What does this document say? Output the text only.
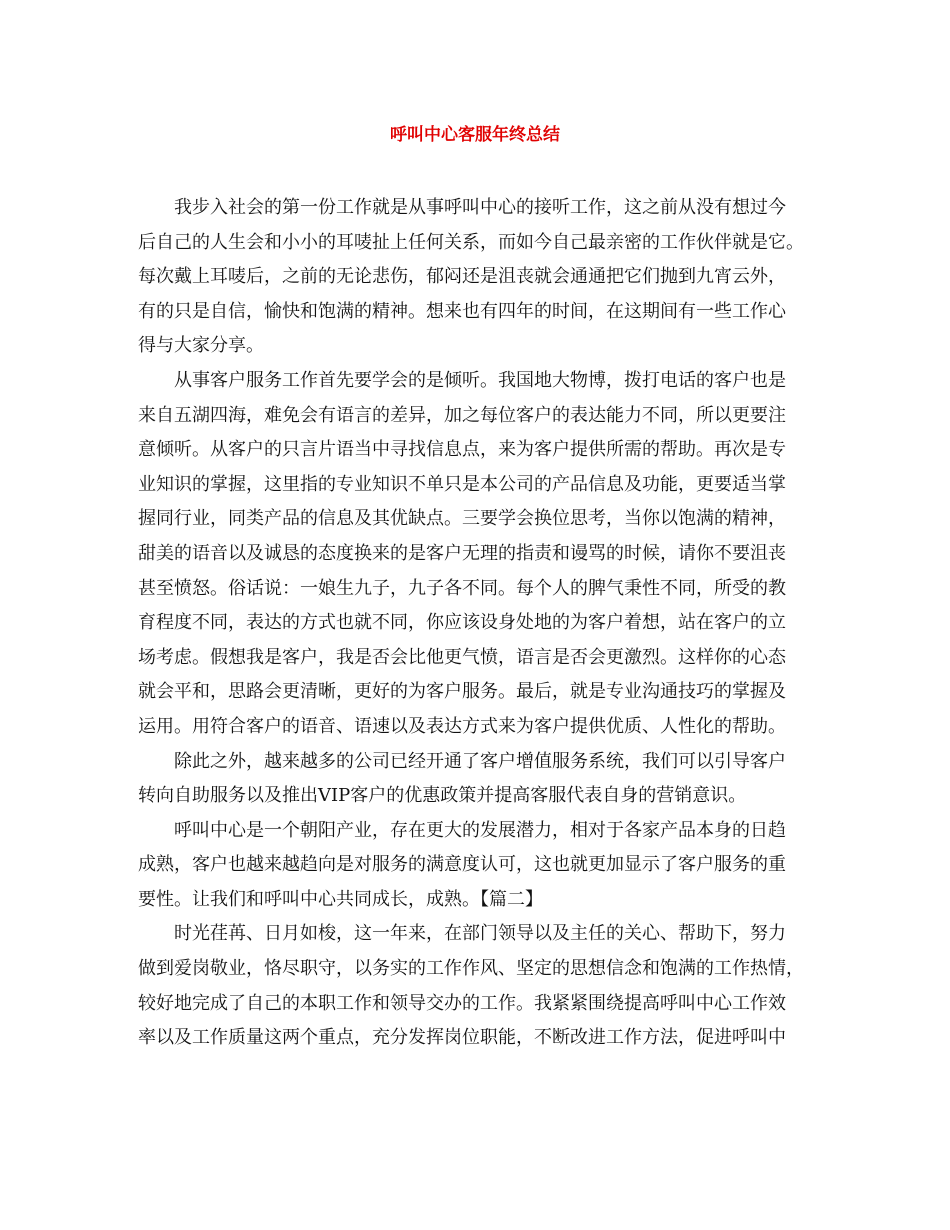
呼叫中心客服年终总结
我步入社会的第一份工作就是从事呼叫中心的接听工作，这之前从没有想过今
后自己的人生会和小小的耳唛扯上任何关系，而如今自己最亲密的工作伙伴就是它。
每次戴上耳唛后，之前的无论悲伤，郁闷还是沮丧就会通通把它们抛到九宵云外，
有的只是自信，愉快和饱满的精神。想来也有四年的时间，在这期间有一些工作心
得与大家分享。
从事客户服务工作首先要学会的是倾听。我国地大物博，拨打电话的客户也是
来自五湖四海，难免会有语言的差异，加之每位客户的表达能力不同，所以更要注
意倾听。从客户的只言片语当中寻找信息点，来为客户提供所需的帮助。再次是专
业知识的掌握，这里指的专业知识不单只是本公司的产品信息及功能，更要适当掌
握同行业，同类产品的信息及其优缺点。三要学会换位思考，当你以饱满的精神，
甜美的语音以及诚恳的态度换来的是客户无理的指责和谩骂的时候，请你不要沮丧
甚至愤怒。俗话说：一娘生九子，九子各不同。每个人的脾气秉性不同，所受的教
育程度不同，表达的方式也就不同，你应该设身处地的为客户着想，站在客户的立
场考虑。假想我是客户，我是否会比他更气愤，语言是否会更激烈。这样你的心态
就会平和，思路会更清晰，更好的为客户服务。最后，就是专业沟通技巧的掌握及
运用。用符合客户的语音、语速以及表达方式来为客户提供优质、人性化的帮助。
除此之外，越来越多的公司已经开通了客户增值服务系统，我们可以引导客户
转向自助服务以及推出VIP客户的优惠政策并提高客服代表自身的营销意识。
呼叫中心是一个朝阳产业，存在更大的发展潜力，相对于各家产品本身的日趋
成熟，客户也越来越趋向是对服务的满意度认可，这也就更加显示了客户服务的重
要性。让我们和呼叫中心共同成长，成熟。【篇二】
时光荏苒、日月如梭，这一年来，在部门领导以及主任的关心、帮助下，努力
做到爱岗敬业，恪尽职守，以务实的工作作风、坚定的思想信念和饱满的工作热情，
较好地完成了自己的本职工作和领导交办的工作。我紧紧围绕提高呼叫中心工作效
率以及工作质量这两个重点，充分发挥岗位职能，不断改进工作方法，促进呼叫中
